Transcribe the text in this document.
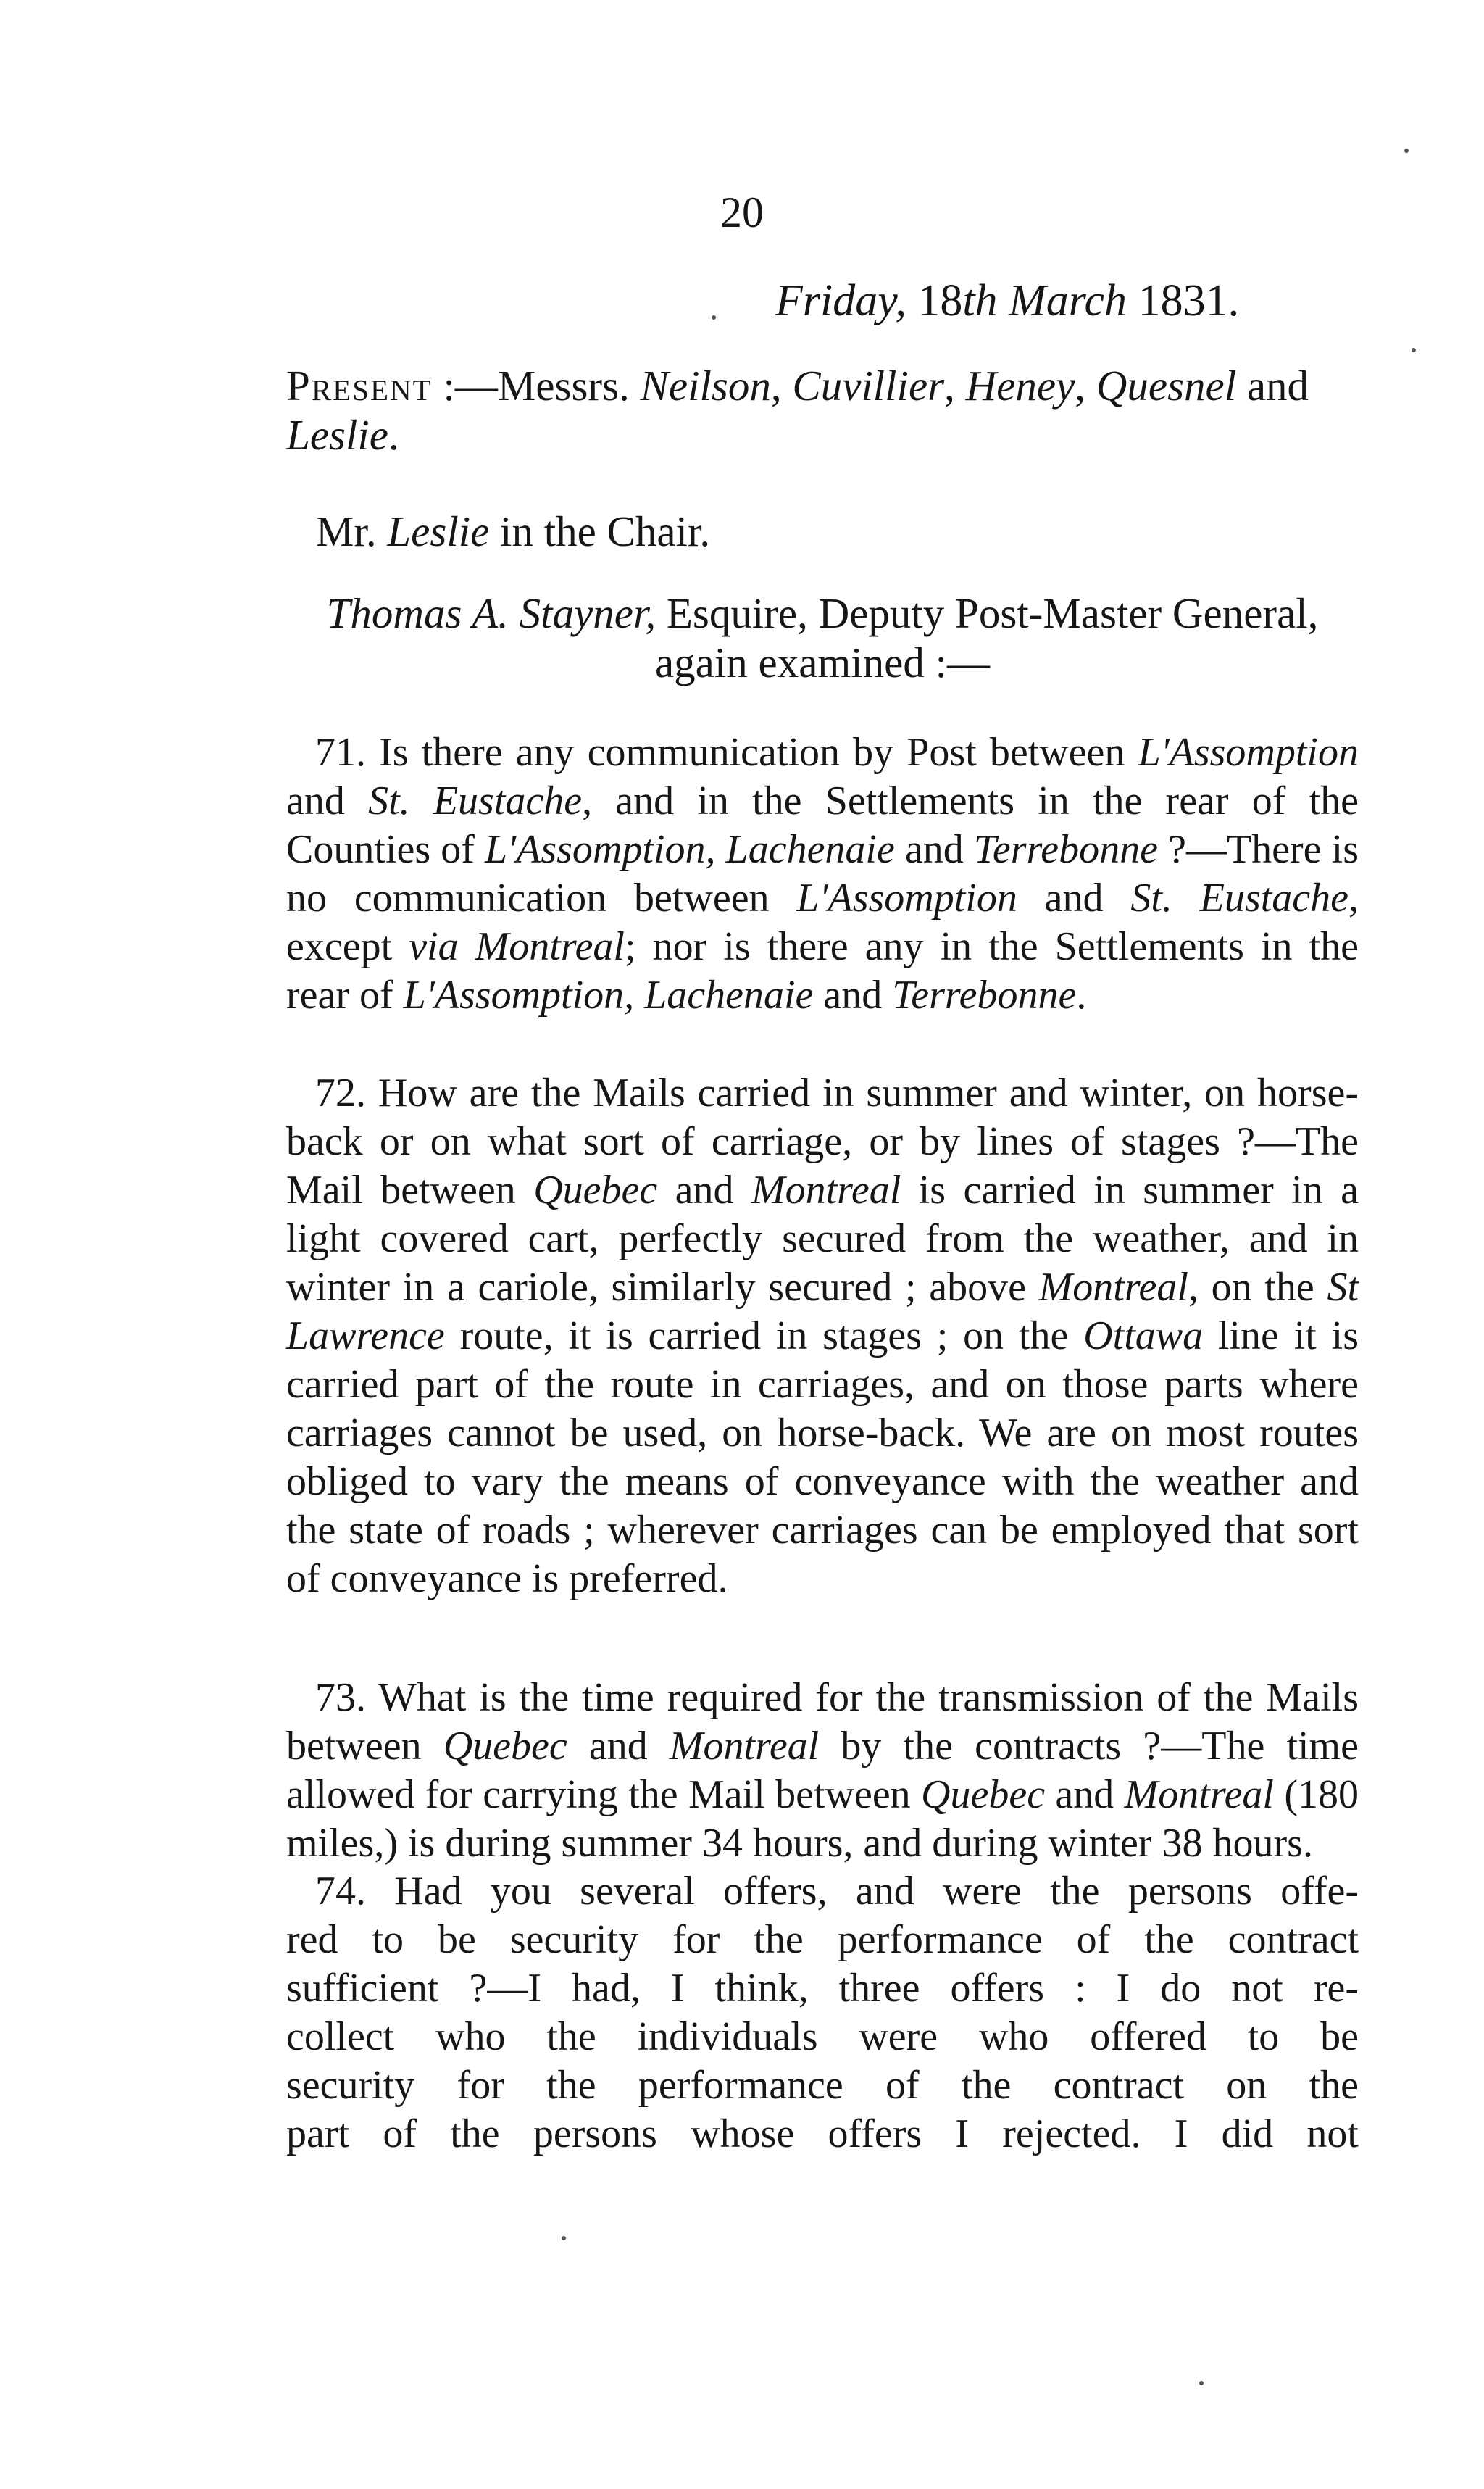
20
Friday, 18th March 1831.
Present :—Messrs. Neilson, Cuvillier, Heney, Quesnel and Leslie.
Mr. Leslie in the Chair.
Thomas A. Stayner, Esquire, Deputy Post-Master General, again examined :—
71. Is there any communication by Post between L'Assomption and St. Eustache, and in the Settlements in the rear of the Counties of L'Assomption, Lachenaie and Terrebonne ?—There is no communication between L'Assomption and St. Eustache, except via Montreal; nor is there any in the Settlements in the rear of L'Assomption, Lachenaie and Terrebonne.
72. How are the Mails carried in summer and winter, on horse-back or on what sort of carriage, or by lines of stages ?—The Mail between Quebec and Montreal is carried in summer in a light covered cart, perfectly secured from the weather, and in winter in a cariole, similarly secured ; above Montreal, on the St Lawrence route, it is carried in stages ; on the Ottawa line it is carried part of the route in carriages, and on those parts where carriages cannot be used, on horse-back. We are on most routes obliged to vary the means of conveyance with the weather and the state of roads ; wherever carriages can be employed that sort of conveyance is preferred.
73. What is the time required for the transmission of the Mails between Quebec and Montreal by the contracts ?—The time allowed for carrying the Mail between Quebec and Montreal (180 miles,) is during summer 34 hours, and during winter 38 hours.
74. Had you several offers, and were the persons offe-
red to be security for the performance of the contract
sufficient ?—I had, I think, three offers : I do not re-
collect who the individuals were who offered to be
security for the performance of the contract on the
part of the persons whose offers I rejected. I did not
